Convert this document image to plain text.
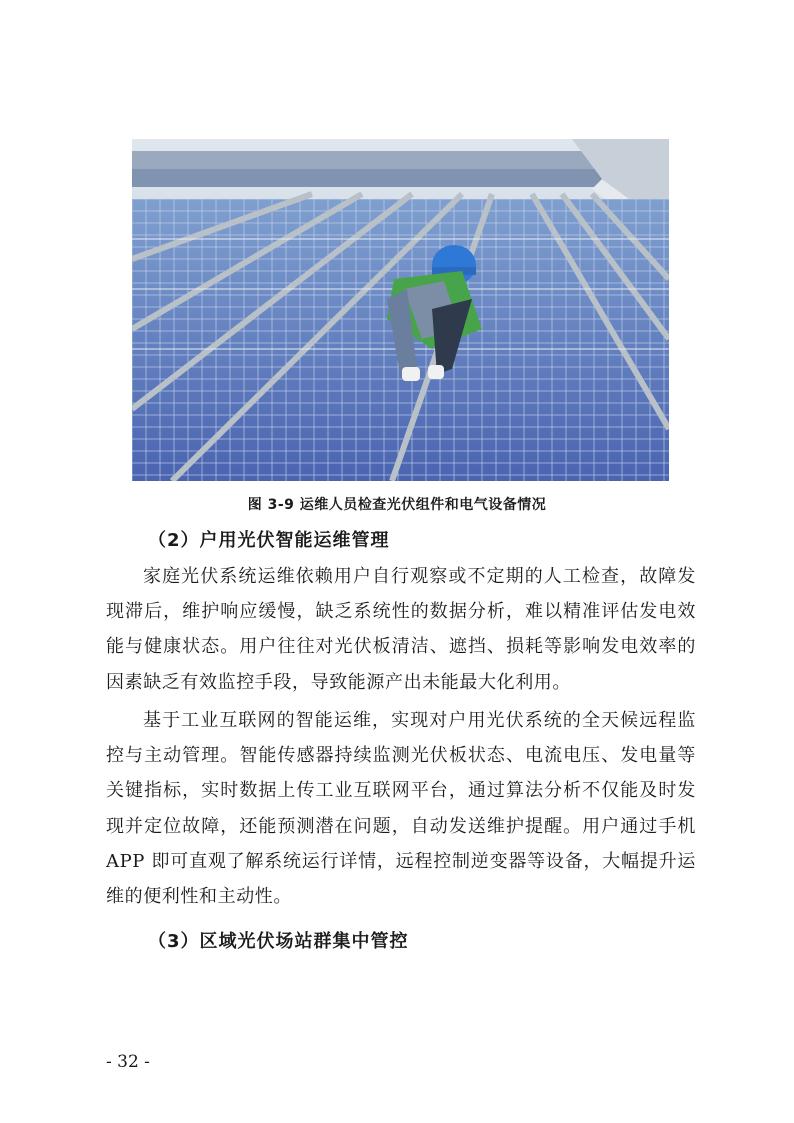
图 3-9 运维人员检查光伏组件和电气设备情况
（2）户用光伏智能运维管理
家庭光伏系统运维依赖用户自行观察或不定期的人工检查，故障发现滞后，维护响应缓慢，缺乏系统性的数据分析，难以精准评估发电效能与健康状态。用户往往对光伏板清洁、遮挡、损耗等影响发电效率的因素缺乏有效监控手段，导致能源产出未能最大化利用。
基于工业互联网的智能运维，实现对户用光伏系统的全天候远程监控与主动管理。智能传感器持续监测光伏板状态、电流电压、发电量等关键指标，实时数据上传工业互联网平台，通过算法分析不仅能及时发现并定位故障，还能预测潜在问题，自动发送维护提醒。用户通过手机 APP 即可直观了解系统运行详情，远程控制逆变器等设备，大幅提升运维的便利性和主动性。
（3）区域光伏场站群集中管控
- 32 -
